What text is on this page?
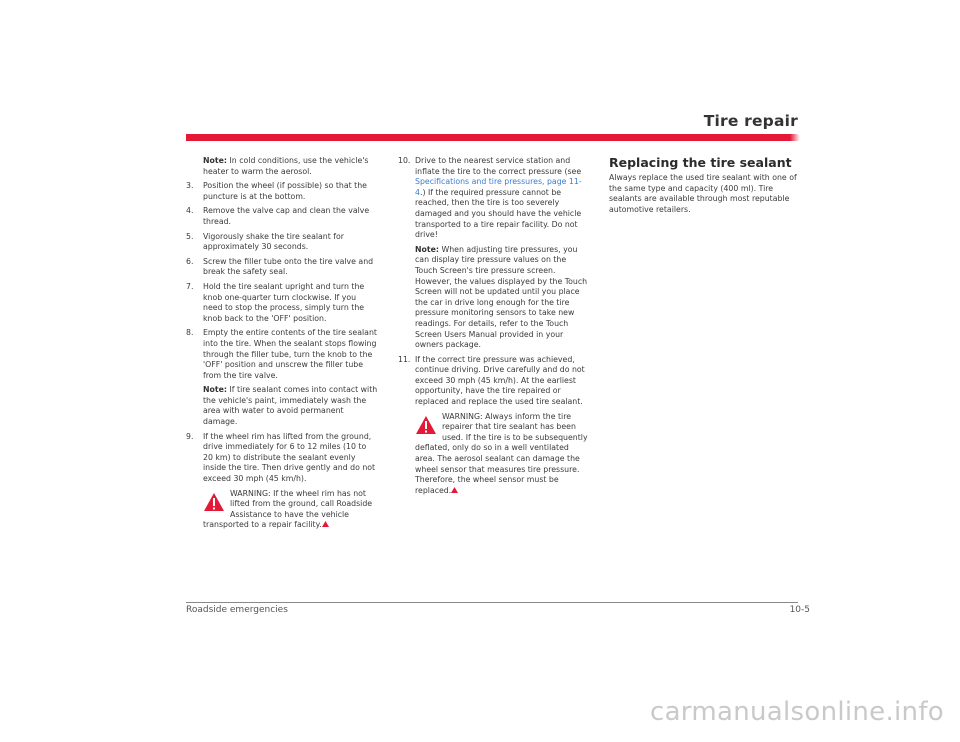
Tire repair

Note: In cold conditions, use the vehicle's heater to warm the aerosol.

3. Position the wheel (if possible) so that the puncture is at the bottom.

4. Remove the valve cap and clean the valve thread.

5. Vigorously shake the tire sealant for approximately 30 seconds.

6. Screw the filler tube onto the tire valve and break the safety seal.

7. Hold the tire sealant upright and turn the knob one-quarter turn clockwise. If you need to stop the process, simply turn the knob back to the 'OFF' position.

8. Empty the entire contents of the tire sealant into the tire. When the sealant stops flowing through the filler tube, turn the knob to the 'OFF' position and unscrew the filler tube from the tire valve.

Note: If tire sealant comes into contact with the vehicle's paint, immediately wash the area with water to avoid permanent damage.

9. If the wheel rim has lifted from the ground, drive immediately for 6 to 12 miles (10 to 20 km) to distribute the sealant evenly inside the tire. Then drive gently and do not exceed 30 mph (45 km/h).

WARNING: If the wheel rim has not lifted from the ground, call Roadside Assistance to have the vehicle transported to a repair facility.

10. Drive to the nearest service station and inflate the tire to the correct pressure (see Specifications and tire pressures, page 11-4.) If the required pressure cannot be reached, then the tire is too severely damaged and you should have the vehicle transported to a tire repair facility. Do not drive!

Note: When adjusting tire pressures, you can display tire pressure values on the Touch Screen's tire pressure screen. However, the values displayed by the Touch Screen will not be updated until you place the car in drive long enough for the tire pressure monitoring sensors to take new readings. For details, refer to the Touch Screen Users Manual provided in your owners package.

11. If the correct tire pressure was achieved, continue driving. Drive carefully and do not exceed 30 mph (45 km/h). At the earliest opportunity, have the tire repaired or replaced and replace the used tire sealant.

WARNING: Always inform the tire repairer that tire sealant has been used. If the tire is to be subsequently deflated, only do so in a well ventilated area. The aerosol sealant can damage the wheel sensor that measures tire pressure. Therefore, the wheel sensor must be replaced.
Replacing the tire sealant

Always replace the used tire sealant with one of the same type and capacity (400 ml). Tire sealants are available through most reputable automotive retailers.

Roadside emergencies	10-5
carmanualsonline.info
